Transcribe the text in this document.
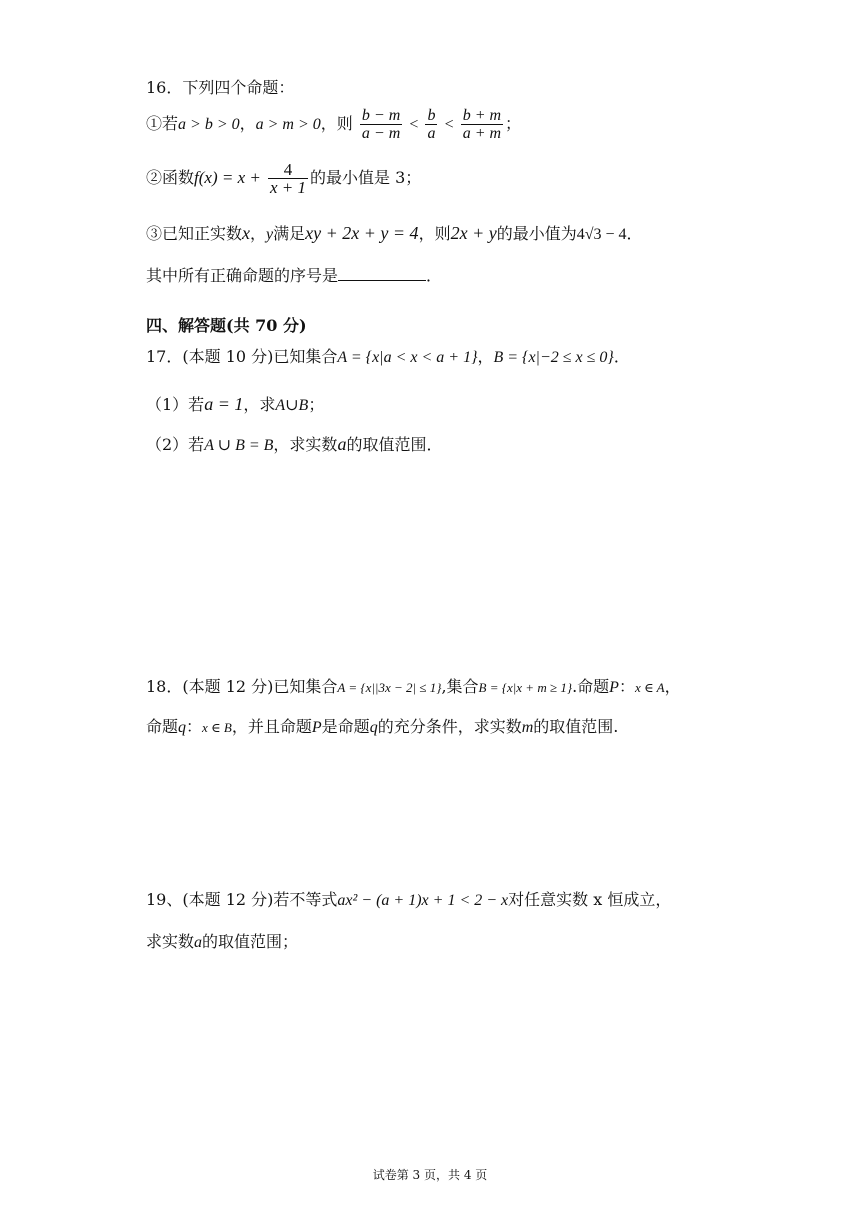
16．下列四个命题：
①若a > b > 0，a > m > 0，则 $\frac{b - m}{a - m} < \frac{b}{a} < \frac{b + m}{a + m}$ ；
②函数$f(x) = x + \frac{4}{x + 1}$ 的最小值是 3；
③已知正实数x，y满足xy + 2x + y = 4，则2x + y的最小值为4√3 − 4．
其中所有正确命题的序号是	．
四、解答题(共 70 分)
17．(本题 10 分)已知集合A = {x|a < x < a + 1}，B = {x|−2 ≤ x ≤ 0}．
（1）若a = 1，求A∪B；
（2）若A ∪ B = B，求实数a的取值范围．
18．(本题 12 分)已知集合A = {x||3x − 2| ≤ 1},集合B = {x|x + m ≥ 1}.命题P：x ∈ A，
命题q：x ∈ B，并且命题P是命题q的充分条件，求实数m的取值范围.
19、(本题 12 分)若不等式ax² − (a + 1)x + 1 < 2 − x对任意实数 x 恒成立，
求实数a的取值范围；
试卷第 3 页，共 4 页
